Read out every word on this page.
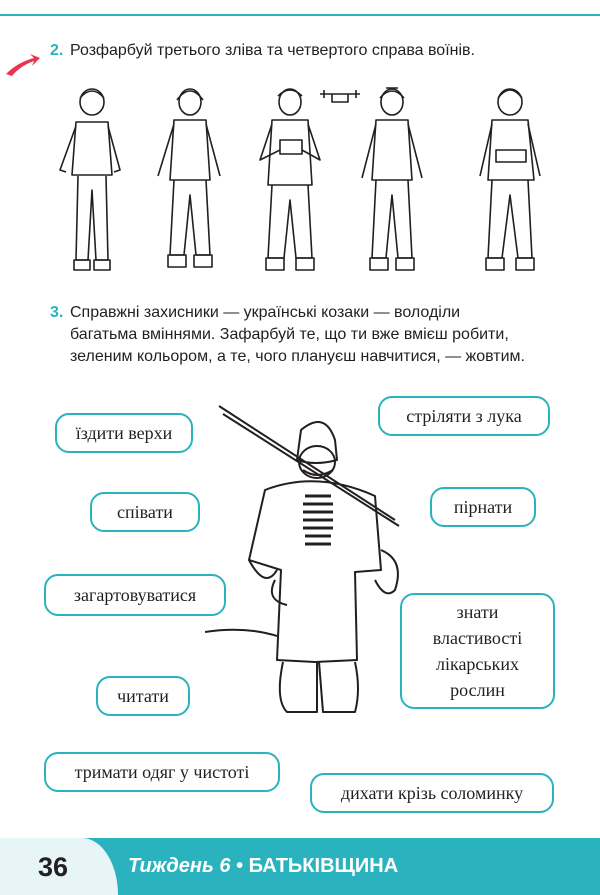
2. Розфарбуй третього зліва та четвертого справа воїнів.
3. Справжні захисники — українські козаки — володіли
багатьма вміннями. Зафарбуй те, що ти вже вмієш робити,
зеленим кольором, а те, чого плануєш навчитися, — жовтим.
їздити верхи
стріляти з лука
співати	пірнати
загартовуватися
знати властивості лікарських рослин
читати
тримати одяг у чистоті
дихати крізь соломинку
36	Тиждень 6 • БАТЬКІВЩИНА
